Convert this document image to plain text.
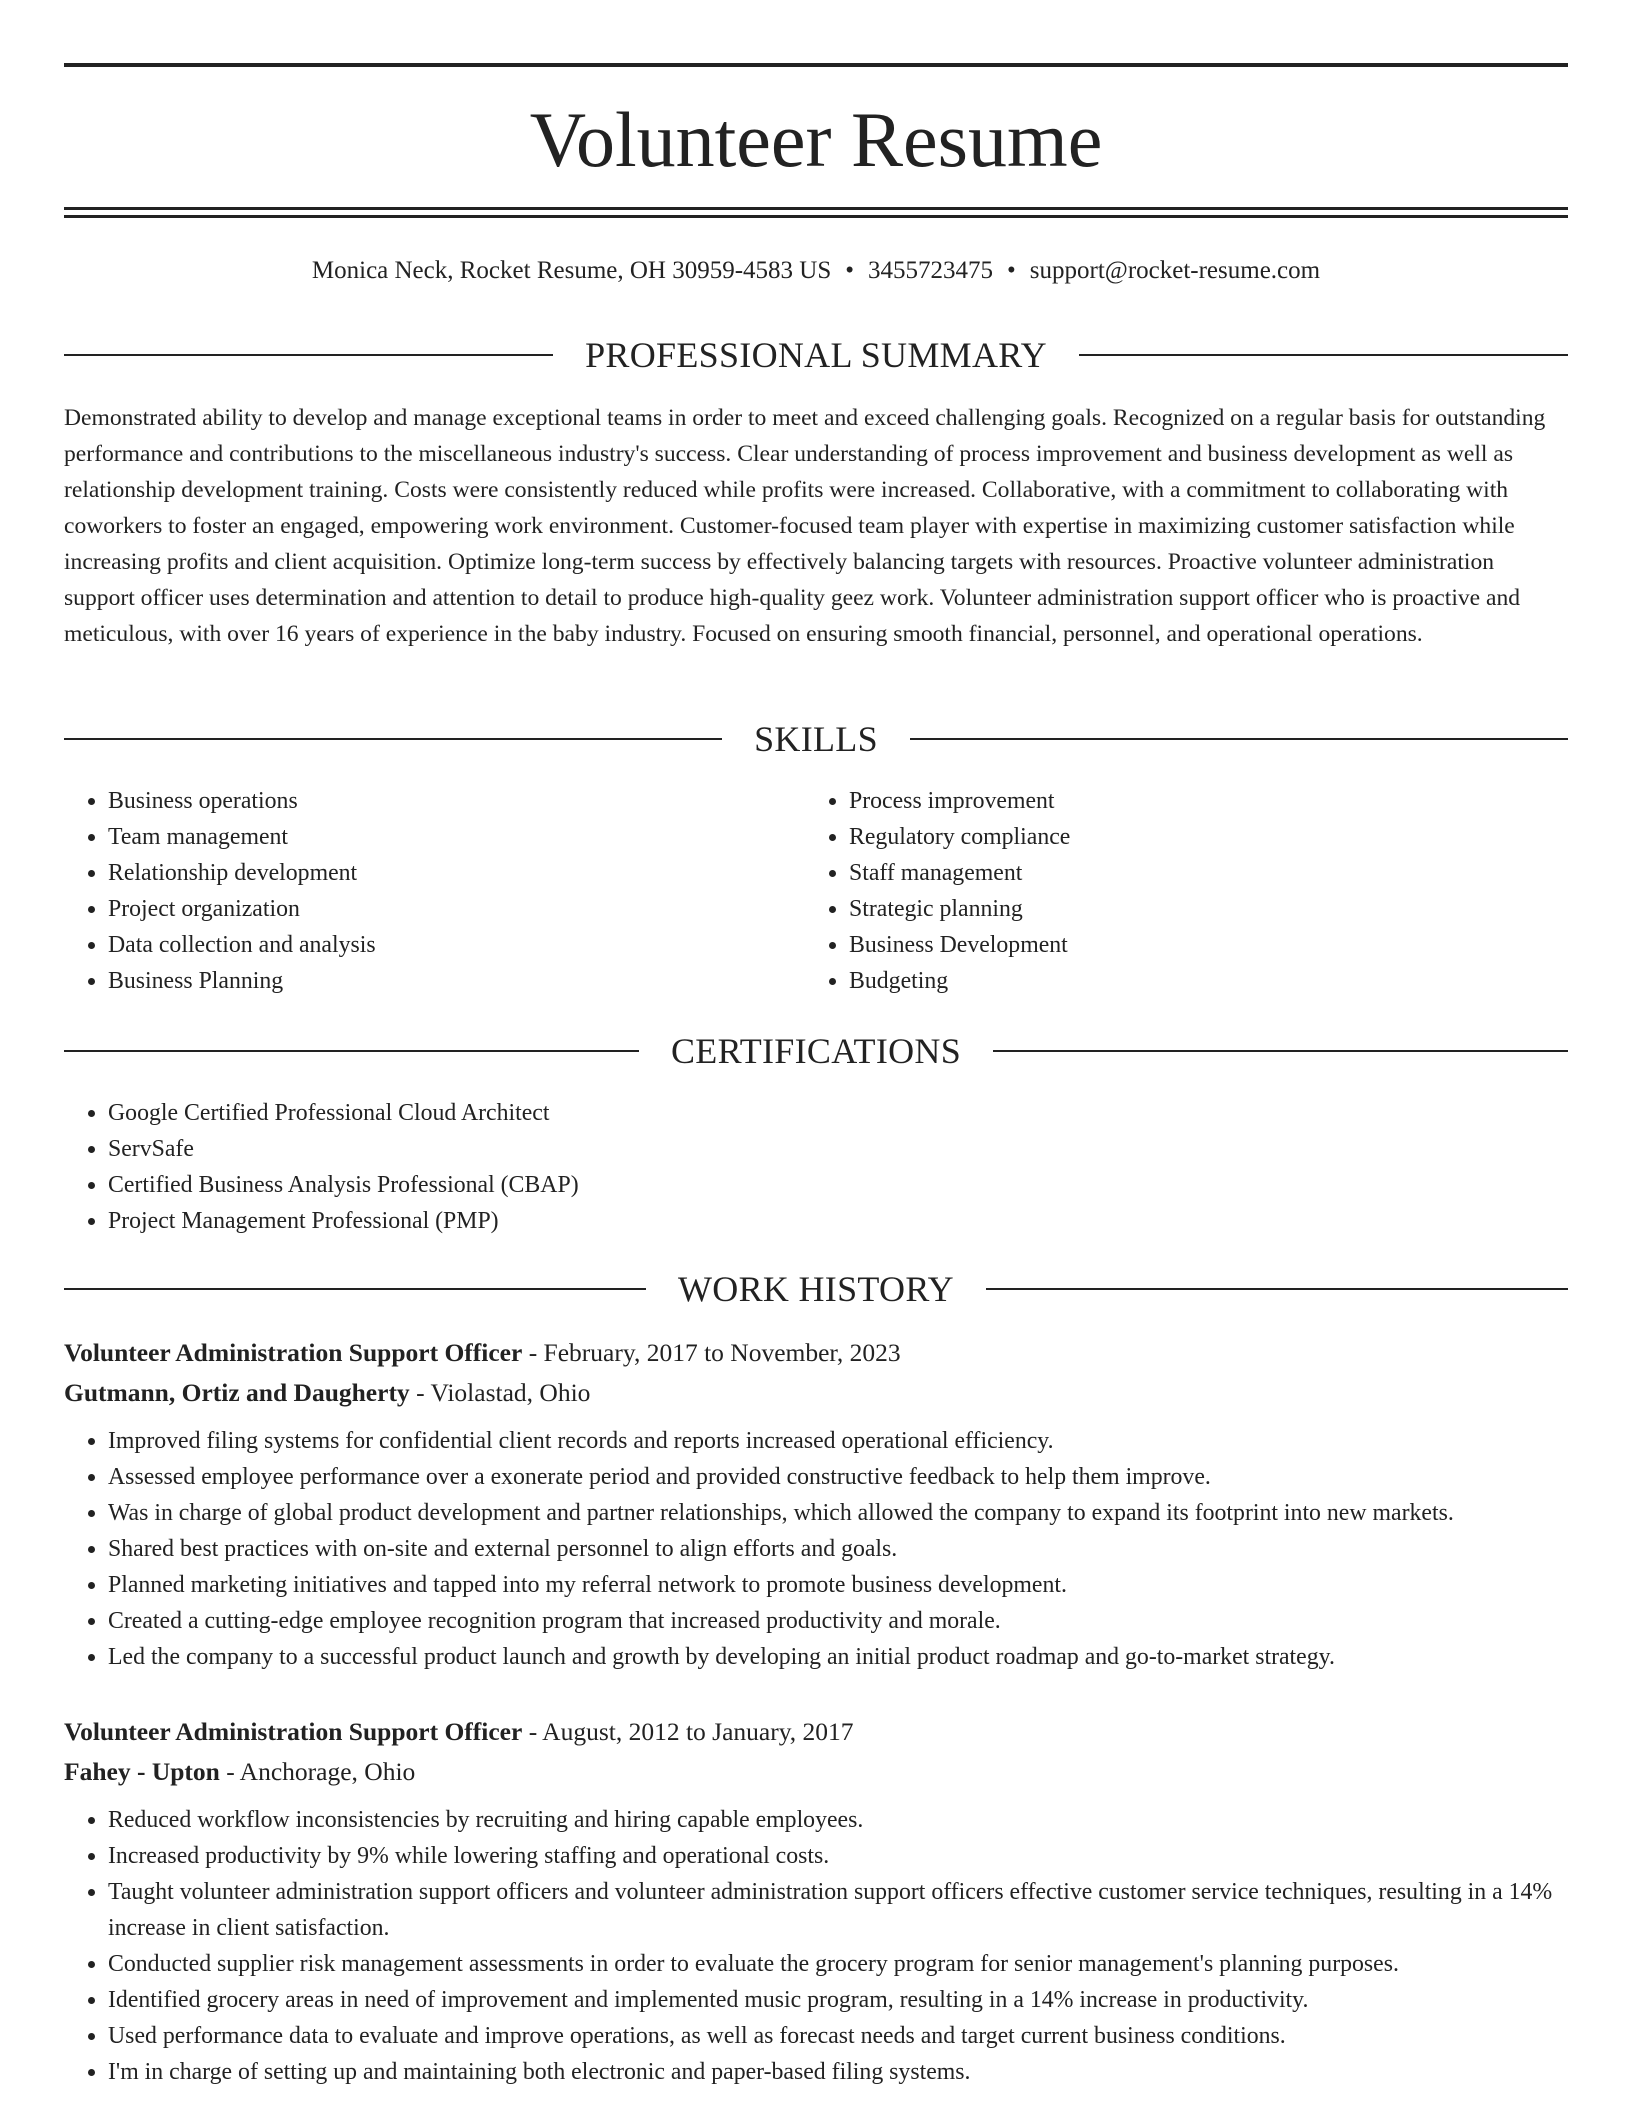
Volunteer Resume
Monica Neck, Rocket Resume, OH 30959-4583 US • 3455723475 • support@rocket-resume.com
PROFESSIONAL SUMMARY

Demonstrated ability to develop and manage exceptional teams in order to meet and exceed challenging goals. Recognized on a regular basis for outstanding performance and contributions to the miscellaneous industry's success. Clear understanding of process improvement and business development as well as relationship development training. Costs were consistently reduced while profits were increased. Collaborative, with a commitment to collaborating with coworkers to foster an engaged, empowering work environment. Customer-focused team player with expertise in maximizing customer satisfaction while increasing profits and client acquisition. Optimize long-term success by effectively balancing targets with resources. Proactive volunteer administration support officer uses determination and attention to detail to produce high-quality geez work. Volunteer administration support officer who is proactive and meticulous, with over 16 years of experience in the baby industry. Focused on ensuring smooth financial, personnel, and operational operations.

SKILLS
• Business operations
• Team management
• Relationship development
• Project organization
• Data collection and analysis
• Business Planning
• Process improvement
• Regulatory compliance
• Staff management
• Strategic planning
• Business Development
• Budgeting
CERTIFICATIONS
• Google Certified Professional Cloud Architect
• ServSafe
• Certified Business Analysis Professional (CBAP)
• Project Management Professional (PMP)
WORK HISTORY
Volunteer Administration Support Officer - February, 2017 to November, 2023
Gutmann, Ortiz and Daugherty - Violastad, Ohio
• Improved filing systems for confidential client records and reports increased operational efficiency.
• Assessed employee performance over a exonerate period and provided constructive feedback to help them improve.
• Was in charge of global product development and partner relationships, which allowed the company to expand its footprint into new markets.
• Shared best practices with on-site and external personnel to align efforts and goals.
• Planned marketing initiatives and tapped into my referral network to promote business development.
• Created a cutting-edge employee recognition program that increased productivity and morale.
• Led the company to a successful product launch and growth by developing an initial product roadmap and go-to-market strategy.
Volunteer Administration Support Officer - August, 2012 to January, 2017
Fahey - Upton - Anchorage, Ohio
• Reduced workflow inconsistencies by recruiting and hiring capable employees.
• Increased productivity by 9% while lowering staffing and operational costs.
• Taught volunteer administration support officers and volunteer administration support officers effective customer service techniques, resulting in a 14% increase in client satisfaction.
• Conducted supplier risk management assessments in order to evaluate the grocery program for senior management's planning purposes.
• Identified grocery areas in need of improvement and implemented music program, resulting in a 14% increase in productivity.
• Used performance data to evaluate and improve operations, as well as forecast needs and target current business conditions.
• I'm in charge of setting up and maintaining both electronic and paper-based filing systems.
